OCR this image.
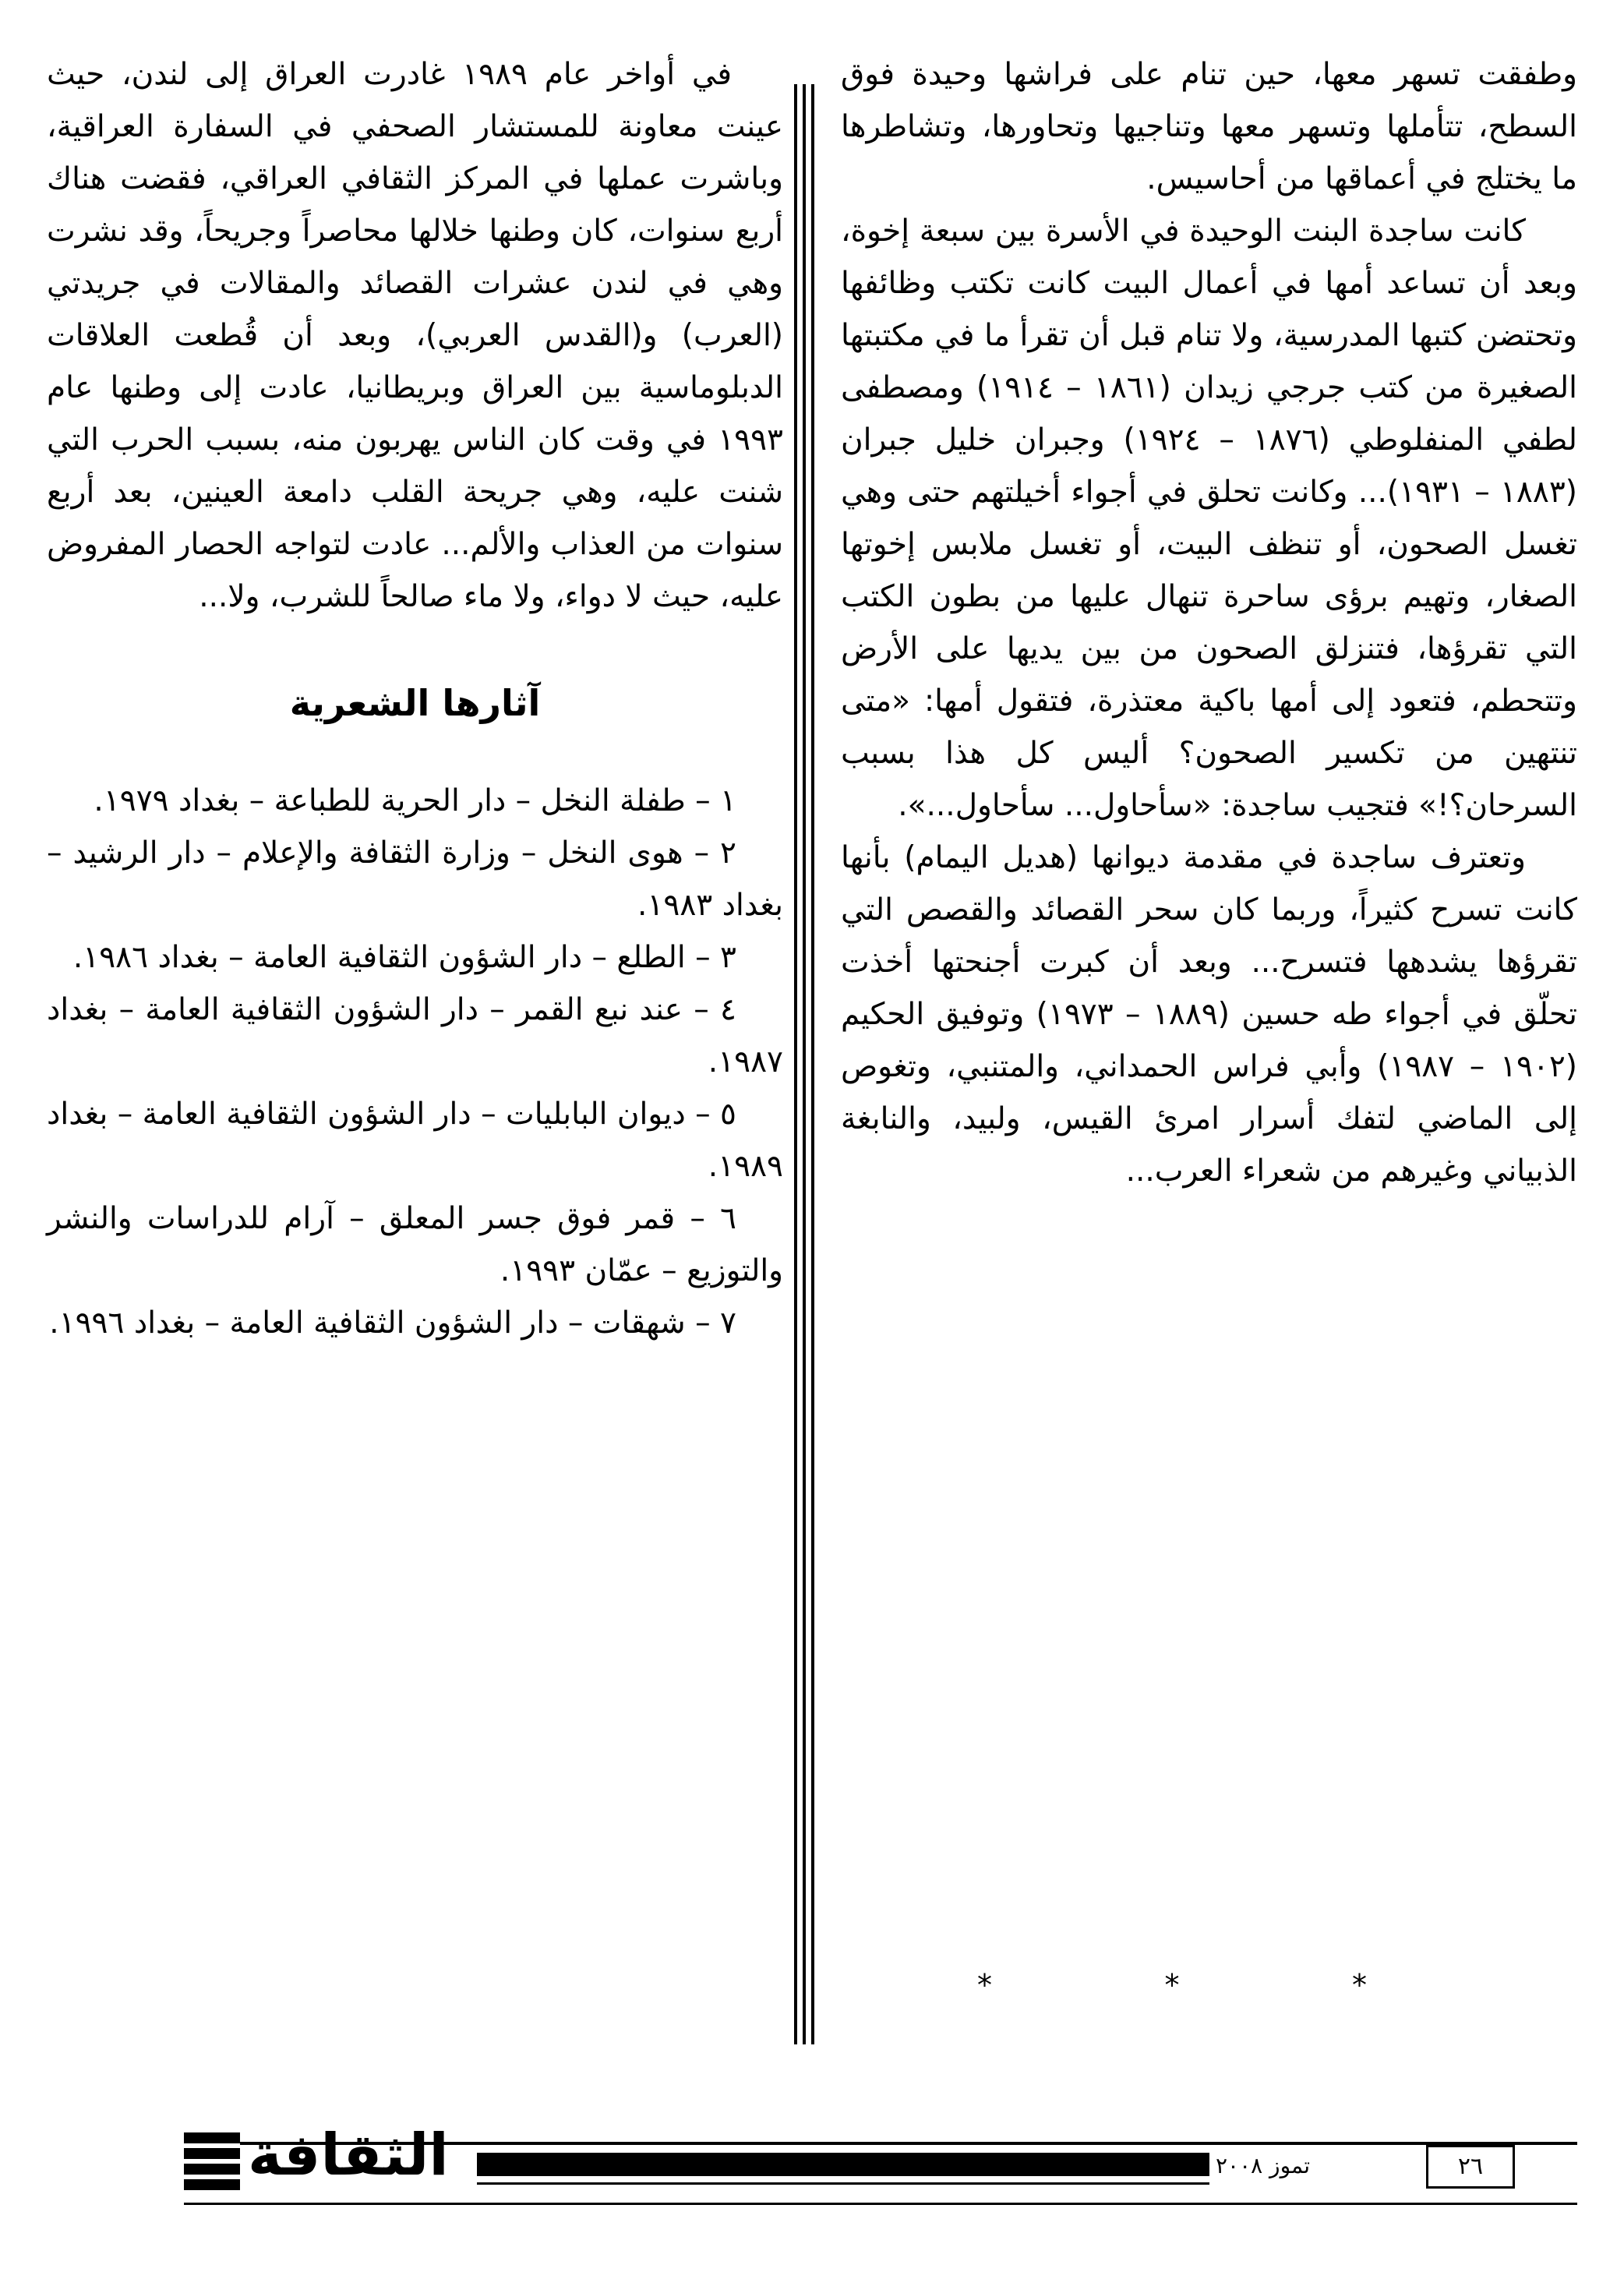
وطفقت تسهر معها، حين تنام على فراشها وحيدة فوق السطح، تتأملها وتسهر معها وتناجيها وتحاورها، وتشاطرها ما يختلج في أعماقها من أحاسيس.

كانت ساجدة البنت الوحيدة في الأسرة بين سبعة إخوة، وبعد أن تساعد أمها في أعمال البيت كانت تكتب وظائفها وتحتضن كتبها المدرسية، ولا تنام قبل أن تقرأ ما في مكتبتها الصغيرة من كتب جرجي زيدان (١٨٦١ – ١٩١٤) ومصطفى لطفي المنفلوطي (١٨٧٦ – ١٩٢٤) وجبران خليل جبران (١٨٨٣ – ١٩٣١)... وكانت تحلق في أجواء أخيلتهم حتى وهي تغسل الصحون، أو تنظف البيت، أو تغسل ملابس إخوتها الصغار، وتهيم برؤى ساحرة تنهال عليها من بطون الكتب التي تقرؤها، فتنزلق الصحون من بين يديها على الأرض وتتحطم، فتعود إلى أمها باكية معتذرة، فتقول أمها: «متى تنتهين من تكسير الصحون؟ أليس كل هذا بسبب السرحان؟!» فتجيب ساجدة: «سأحاول... سأحاول...».

وتعترف ساجدة في مقدمة ديوانها (هديل اليمام) بأنها كانت تسرح كثيراً، وربما كان سحر القصائد والقصص التي تقرؤها يشدهها فتسرح... وبعد أن كبرت أجنحتها أخذت تحلّق في أجواء طه حسين (١٨٨٩ – ١٩٧٣) وتوفيق الحكيم (١٩٠٢ – ١٩٨٧) وأبي فراس الحمداني، والمتنبي، وتغوص إلى الماضي لتفك أسرار امرئ القيس، ولبيد، والنابغة الذبياني وغيرهم من شعراء العرب...

*
*
*

في أواخر عام ١٩٨٩ غادرت العراق إلى لندن، حيث عينت معاونة للمستشار الصحفي في السفارة العراقية، وباشرت عملها في المركز الثقافي العراقي، فقضت هناك أربع سنوات، كان وطنها خلالها محاصراً وجريحاً، وقد نشرت وهي في لندن عشرات القصائد والمقالات في جريدتي (العرب) و(القدس العربي)، وبعد أن قُطعت العلاقات الدبلوماسية بين العراق وبريطانيا، عادت إلى وطنها عام ١٩٩٣ في وقت كان الناس يهربون منه، بسبب الحرب التي شنت عليه، وهي جريحة القلب دامعة العينين، بعد أربع سنوات من العذاب والألم... عادت لتواجه الحصار المفروض عليه، حيث لا دواء، ولا ماء صالحاً للشرب، ولا...

آثارها الشعرية

١ – طفلة النخل – دار الحرية للطباعة – بغداد ١٩٧٩.

٢ – هوى النخل – وزارة الثقافة والإعلام – دار الرشيد – بغداد ١٩٨٣.

٣ – الطلع – دار الشؤون الثقافية العامة – بغداد ١٩٨٦.

٤ – عند نبع القمر – دار الشؤون الثقافية العامة – بغداد ١٩٨٧.

٥ – ديوان البابليات – دار الشؤون الثقافية العامة – بغداد ١٩٨٩.

٦ – قمر فوق جسر المعلق – آرام للدراسات والنشر والتوزيع – عمّان ١٩٩٣.

٧ – شهقات – دار الشؤون الثقافية العامة – بغداد ١٩٩٦.

الثقافة	تموز ٢٠٠٨	٢٦
